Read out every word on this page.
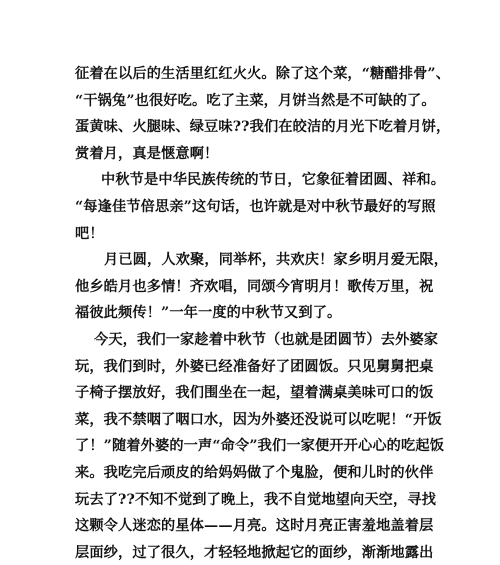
征着在以后的生活里红红火火。除了这个菜，“糖醋排骨”、
“干锅兔”也很好吃。吃了主菜，月饼当然是不可缺的了。
蛋黄味、火腿味、绿豆味??我们在皎洁的月光下吃着月饼，
赏着月，真是惬意啊！

中秋节是中华民族传统的节日，它象征着团圆、祥和。
“每逢佳节倍思亲”这句话，也许就是对中秋节最好的写照
吧！

月已圆，人欢聚，同举杯，共欢庆！家乡明月爱无限，
他乡皓月也多情！齐欢唱，同颂今宵明月！歌传万里，祝
福彼此频传！”一年一度的中秋节又到了。

今天，我们一家趁着中秋节（也就是团圆节）去外婆家
玩，我们到时，外婆已经准备好了团圆饭。只见舅舅把桌
子椅子摆放好，我们围坐在一起，望着满桌美味可口的饭
菜，我不禁咽了咽口水，因为外婆还没说可以吃呢！“开饭
了！”随着外婆的一声“命令”我们一家便开开心心的吃起饭
来。我吃完后顽皮的给妈妈做了个鬼脸，便和儿时的伙伴
玩去了??不知不觉到了晚上，我不自觉地望向天空，寻找
这颗令人迷恋的星体——月亮。这时月亮正害羞地盖着层
层面纱，过了很久，才轻轻地掀起它的面纱，渐渐地露出
